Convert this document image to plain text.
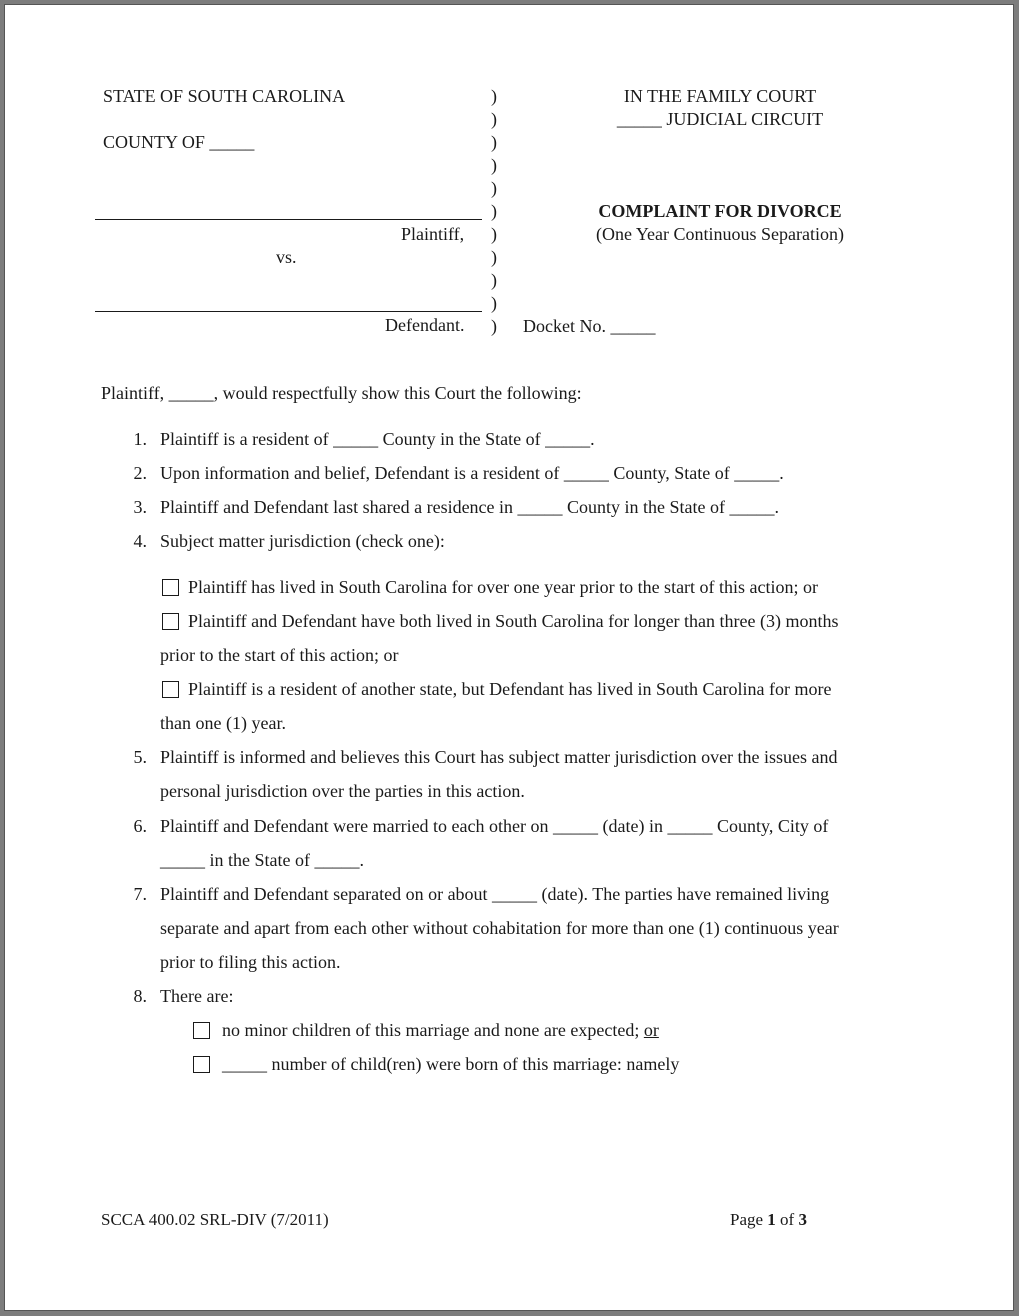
STATE OF SOUTH CAROLINA
COUNTY OF _____
Plaintiff,
vs.
Defendant.
)
)
)
)
)
)
)
)
)
)
)
IN THE FAMILY COURT
_____ JUDICIAL CIRCUIT
COMPLAINT FOR DIVORCE
(One Year Continuous Separation)
Docket No. _____
Plaintiff, _____, would respectfully show this Court the following:
1. Plaintiff is a resident of _____ County in the State of _____.
2. Upon information and belief, Defendant is a resident of _____ County, State of _____.
3. Plaintiff and Defendant last shared a residence in _____ County in the State of _____.
4. Subject matter jurisdiction (check one):
Plaintiff has lived in South Carolina for over one year prior to the start of this action; or
Plaintiff and Defendant have both lived in South Carolina for longer than three (3) months
prior to the start of this action; or
Plaintiff is a resident of another state, but Defendant has lived in South Carolina for more
than one (1) year.
5. Plaintiff is informed and believes this Court has subject matter jurisdiction over the issues and
personal jurisdiction over the parties in this action.
6. Plaintiff and Defendant were married to each other on _____ (date) in _____ County, City of
_____ in the State of _____.
7. Plaintiff and Defendant separated on or about _____ (date). The parties have remained living
separate and apart from each other without cohabitation for more than one (1) continuous year
prior to filing this action.
8. There are:
no minor children of this marriage and none are expected; or
_____ number of child(ren) were born of this marriage: namely
SCCA 400.02 SRL-DIV (7/2011)	Page 1 of 3
